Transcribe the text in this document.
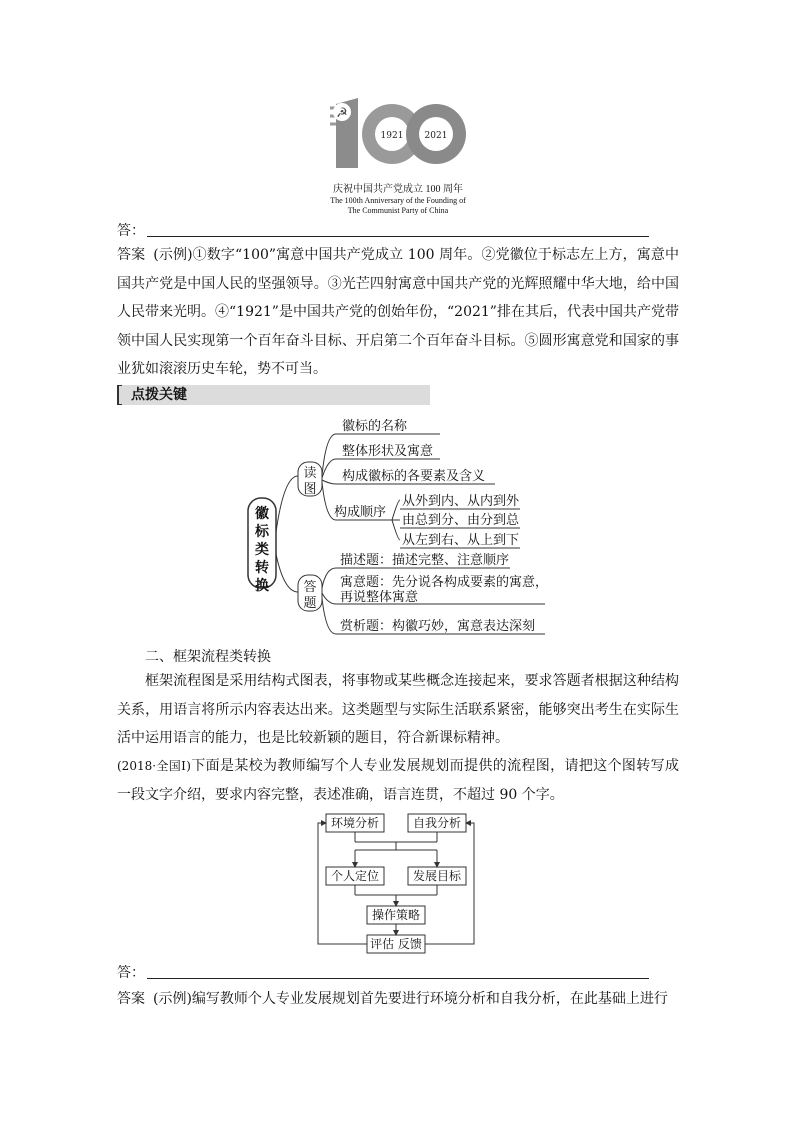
☭
1921 2021
庆祝中国共产党成立 100 周年
The 100th Anniversary of the Founding of
The Communist Party of China
答：
答案 (示例)①数字“100”寓意中国共产党成立 100 周年。②党徽位于标志左上方，寓意中国共产党是中国人民的坚强领导。③光芒四射寓意中国共产党的光辉照耀中华大地，给中国人民带来光明。④“1921”是中国共产党的创始年份，“2021”排在其后，代表中国共产党带领中国人民实现第一个百年奋斗目标、开启第二个百年奋斗目标。⑤圆形寓意党和国家的事业犹如滚滚历史车轮，势不可当。
点拨关键
徽
标
类
转
换
读
图
答
题
徽标的名称
整体形状及寓意
构成徽标的各要素及含义
构成顺序
从外到内、从内到外
由总到分、由分到总
从左到右、从上到下
描述题：描述完整、注意顺序
寓意题：先分说各构成要素的寓意，
再说整体寓意
赏析题：构徽巧妙，寓意表达深刻
二、框架流程类转换
框架流程图是采用结构式图表，将事物或某些概念连接起来，要求答题者根据这种结构关系，用语言将所示内容表达出来。这类题型与实际生活联系紧密，能够突出考生在实际生活中运用语言的能力，也是比较新颖的题目，符合新课标精神。
(2018·全国Ⅰ)下面是某校为教师编写个人专业发展规划而提供的流程图，请把这个图转写成一段文字介绍，要求内容完整，表述准确，语言连贯，不超过 90 个字。
环境分析	自我分析
个人定位	发展目标
操作策略
评估 反馈
答：
答案 (示例)编写教师个人专业发展规划首先要进行环境分析和自我分析，在此基础上进行
